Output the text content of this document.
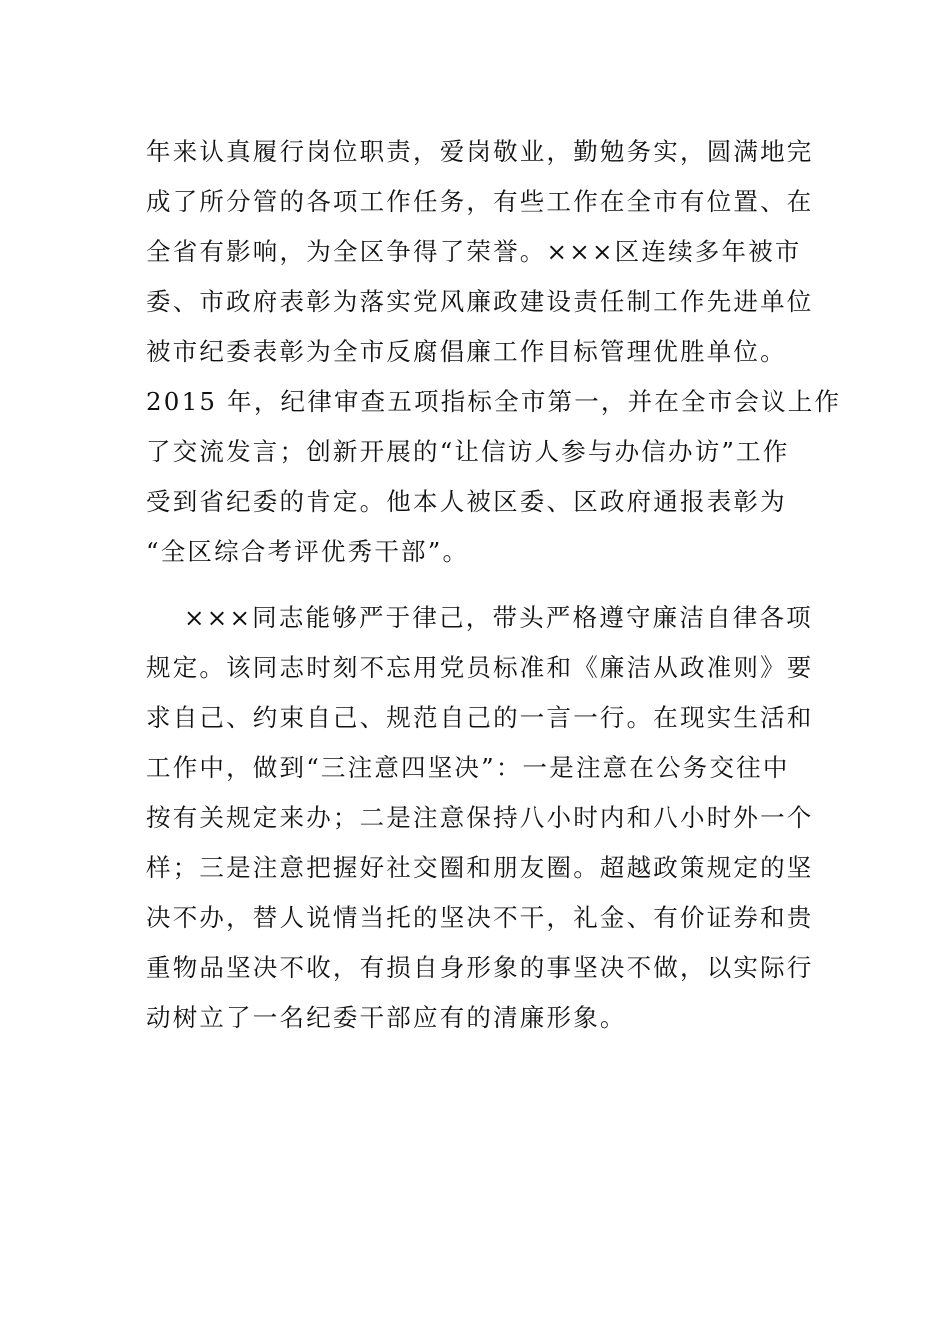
年来认真履行岗位职责，爱岗敬业，勤勉务实，圆满地完
成了所分管的各项工作任务，有些工作在全市有位置、在
全省有影响，为全区争得了荣誉。×××区连续多年被市
委、市政府表彰为落实党风廉政建设责任制工作先进单位
被市纪委表彰为全市反腐倡廉工作目标管理优胜单位。
2015 年，纪律审查五项指标全市第一，并在全市会议上作
了交流发言；创新开展的“让信访人参与办信办访”工作
受到省纪委的肯定。他本人被区委、区政府通报表彰为
“全区综合考评优秀干部”。
×××同志能够严于律己，带头严格遵守廉洁自律各项
规定。该同志时刻不忘用党员标准和《廉洁从政准则》要
求自己、约束自己、规范自己的一言一行。在现实生活和
工作中，做到“三注意四坚决”：一是注意在公务交往中
按有关规定来办；二是注意保持八小时内和八小时外一个
样；三是注意把握好社交圈和朋友圈。超越政策规定的坚
决不办，替人说情当托的坚决不干，礼金、有价证券和贵
重物品坚决不收，有损自身形象的事坚决不做，以实际行
动树立了一名纪委干部应有的清廉形象。
